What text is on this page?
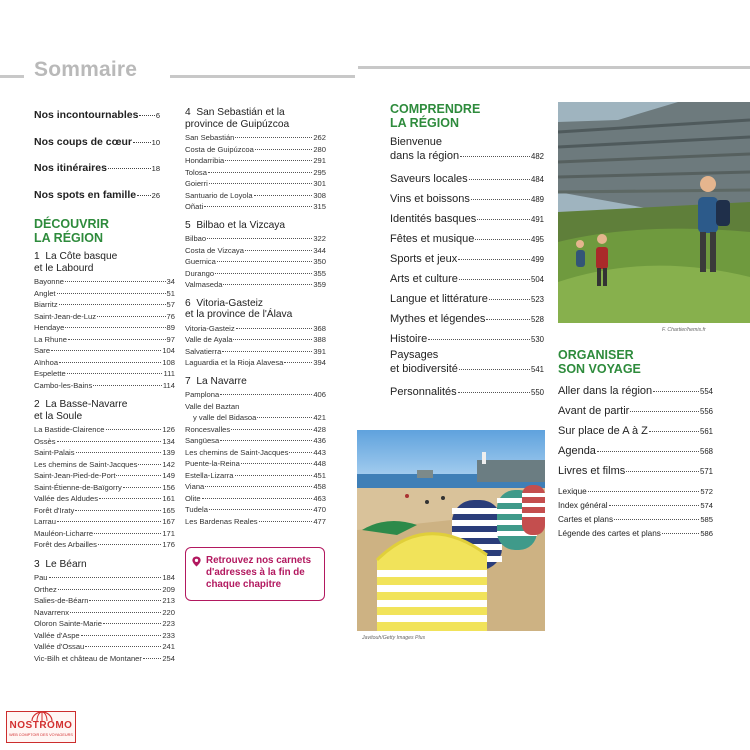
Sommaire
Nos incontournables 6
Nos coups de cœur	10
Nos itinéraires	18
Nos spots en famille 26
DÉCOUVRIR
LA RÉGION
1 La Côte basque
et le Labourd
Bayonne	34
Anglet	51
Biarritz	57
Saint-Jean-de-Luz	76
Hendaye	89
La Rhune	97
Sare	104
Aïnhoa	108
Espelette	111
Cambo-les-Bains	114
2 La Basse-Navarre
et la Soule
La Bastide-Clairence	126
Ossès	134
Saint-Palais	139
Les chemins de Saint-Jacques	142
Saint-Jean-Pied-de-Port	149
Saint-Étienne-de-Baïgorry	156
Vallée des Aldudes	161
Forêt d'Iraty	165
Larrau	167
Mauléon-Licharre	171
Forêt des Arbailles	176
3 Le Béarn
Pau	184
Orthez	209
Salies-de-Béarn	213
Navarrenx	220
Oloron Sainte-Marie	223
Vallée d'Aspe	233
Vallée d'Ossau	241
Vic-Bilh et château de Montaner	254
4 San Sebastián et la
province de Guipúzcoa
San Sebastián	262
Costa de Guipúzcoa	280
Hondarribia	291
Tolosa	295
Goierri	301
Santuario de Loyola	308
Oñati	315
5 Bilbao et la Vizcaya
Bilbao	322
Costa de Vizcaya	344
Guernica	350
Durango	355
Valmaseda	359
6 Vitoria-Gasteiz
et la province de l'Álava
Vitoria-Gasteiz	368
Valle de Ayala	388
Salvatierra	391
Laguardia et la Rioja Alavesa	394
7 La Navarre
Pamplona	406
Valle del Baztan
y valle del Bidasoa	421
Roncesvalles	428
Sangüesa	436
Les chemins de Saint-Jacques	443
Puente-la-Reina	448
Estella-Lizarra	451
Viana	458
Olite	463
Tudela	470
Les Bardenas Reales	477
Retrouvez nos carnets d'adresses à la fin de chaque chapitre
COMPRENDRE
LA RÉGION
Bienvenue
dans la région	482
Saveurs locales	484
Vins et boissons	489
Identités basques	491
Fêtes et musique	495
Sports et jeux	499
Arts et culture	504
Langue et littérature	523
Mythes et légendes	528
Histoire	530
Paysages
et biodiversité	541
Personnalités	550
Javitouh/Getty Images Plus
F. Chartier/hemis.fr
ORGANISER
SON VOYAGE
Aller dans la région	554
Avant de partir	556
Sur place de A à Z	561
Agenda	568
Livres et films	571
Lexique	572
Index général	574
Cartes et plans	585
Légende des cartes et plans	586
NOSTROMO
WEB COMPTOIR DES VOYAGEURS
